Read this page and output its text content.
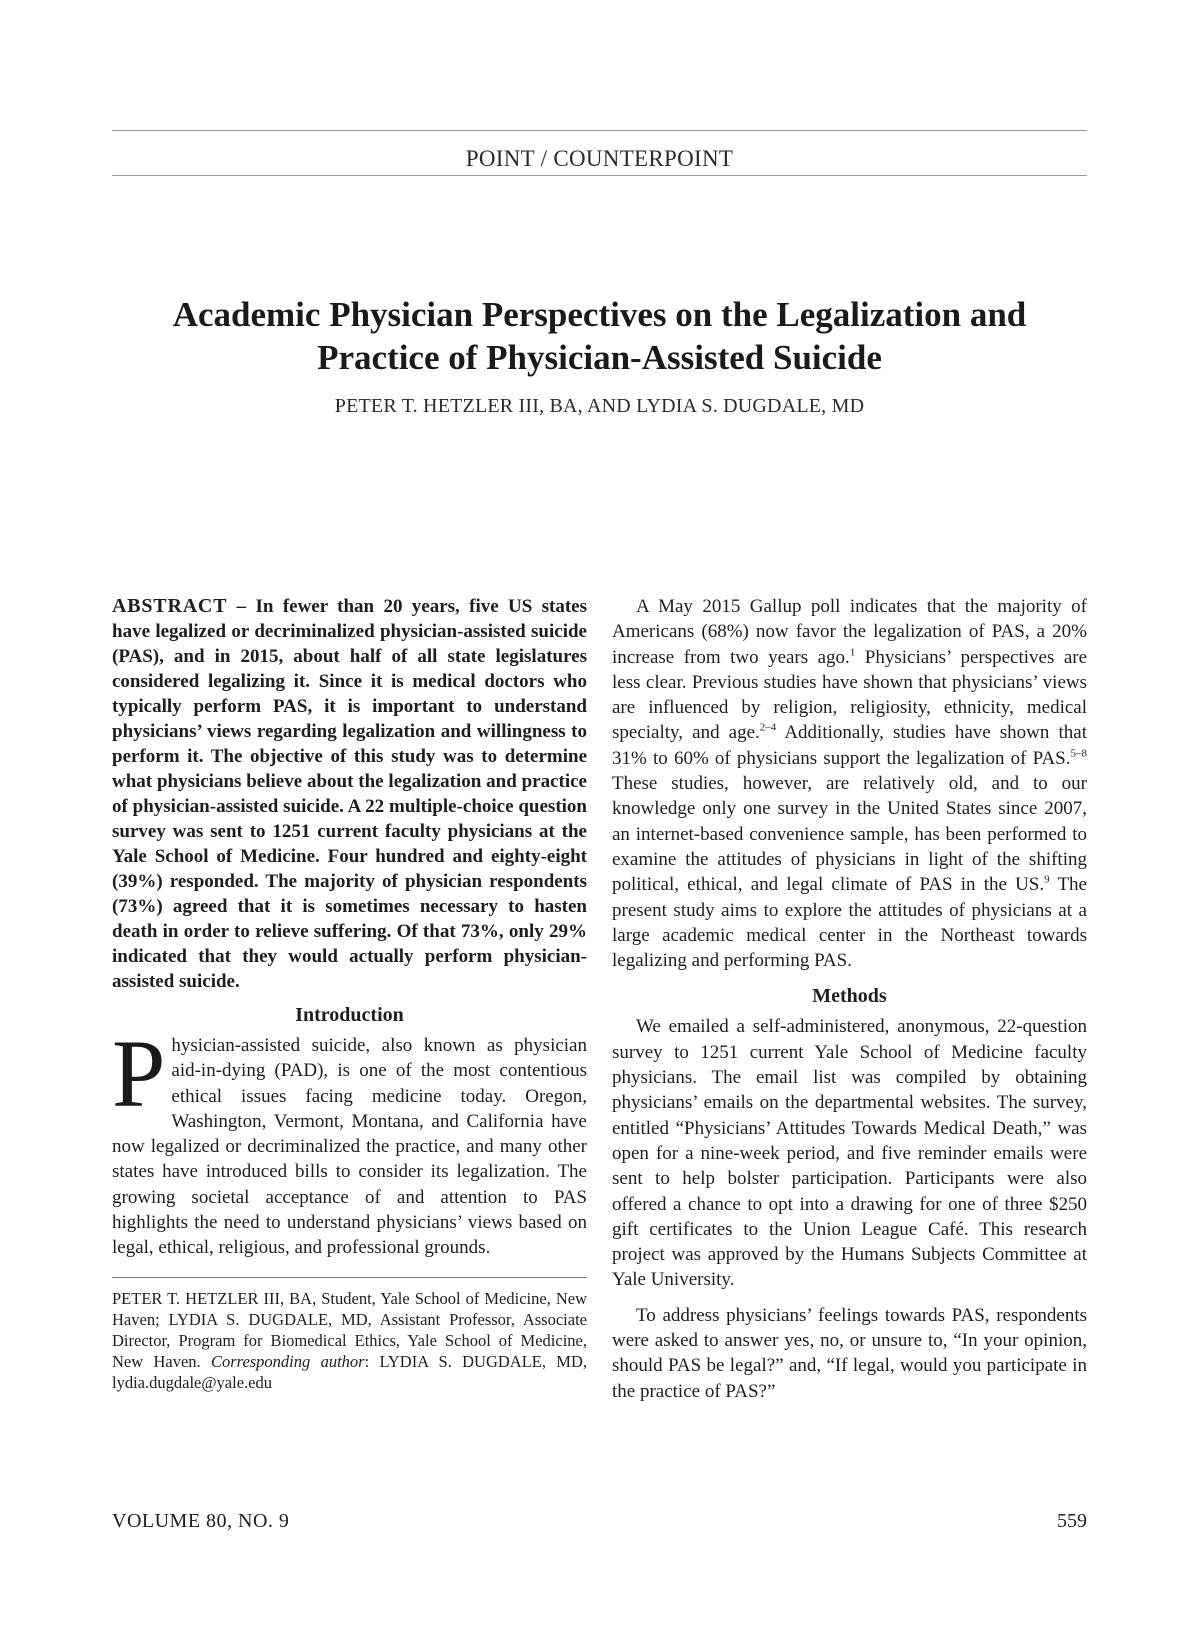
POINT / COUNTERPOINT
Academic Physician Perspectives on the Legalization and
Practice of Physician-Assisted Suicide
PETER T. HETZLER III, BA, AND LYDIA S. DUGDALE, MD

ABSTRACT – In fewer than 20 years, five US states have legalized or decriminalized physician-assisted suicide (PAS), and in 2015, about half of all state legislatures considered legalizing it. Since it is medical doctors who typically perform PAS, it is important to understand physicians’ views regarding legalization and willingness to perform it. The objective of this study was to determine what physicians believe about the legalization and practice of physician-assisted suicide. A 22 multiple-choice question survey was sent to 1251 current faculty physicians at the Yale School of Medicine. Four hundred and eighty-eight (39%) responded. The majority of physician respondents (73%) agreed that it is sometimes necessary to hasten death in order to relieve suffering. Of that 73%, only 29% indicated that they would actually perform physician-assisted suicide.

Introduction

Physician-assisted suicide, also known as physician aid-in-dying (PAD), is one of the most contentious ethical issues facing medicine today. Oregon, Washington, Vermont, Montana, and California have now legalized or decriminalized the practice, and many other states have introduced bills to consider its legalization. The growing societal acceptance of and attention to PAS highlights the need to understand physicians’ views based on legal, ethical, religious, and professional grounds.

PETER T. HETZLER III, BA, Student, Yale School of Medicine, New Haven; LYDIA S. DUGDALE, MD, Assistant Professor, Associate Director, Program for Biomedical Ethics, Yale School of Medicine, New Haven. Corresponding author: LYDIA S. DUGDALE, MD, lydia.dugdale@yale.edu

A May 2015 Gallup poll indicates that the majority of Americans (68%) now favor the legalization of PAS, a 20% increase from two years ago.$^1$ Physicians’ perspectives are less clear. Previous studies have shown that physicians’ views are influenced by religion, religiosity, ethnicity, medical specialty, and age.$^{2-4}$ Additionally, studies have shown that 31% to 60% of physicians support the legalization of PAS.$^{5-8}$ These studies, however, are relatively old, and to our knowledge only one survey in the United States since 2007, an internet-based convenience sample, has been performed to examine the attitudes of physicians in light of the shifting political, ethical, and legal climate of PAS in the US.$^9$ The present study aims to explore the attitudes of physicians at a large academic medical center in the Northeast towards legalizing and performing PAS.

Methods

We emailed a self-administered, anonymous, 22-question survey to 1251 current Yale School of Medicine faculty physicians. The email list was compiled by obtaining physicians’ emails on the departmental websites. The survey, entitled “Physicians’ Attitudes Towards Medical Death,” was open for a nine-week period, and five reminder emails were sent to help bolster participation. Participants were also offered a chance to opt into a drawing for one of three $250 gift certificates to the Union League Café. This research project was approved by the Humans Subjects Committee at Yale University.

To address physicians’ feelings towards PAS, respondents were asked to answer yes, no, or unsure to, “In your opinion, should PAS be legal?” and, “If legal, would you participate in the practice of PAS?”

VOLUME 80, NO. 9	559
